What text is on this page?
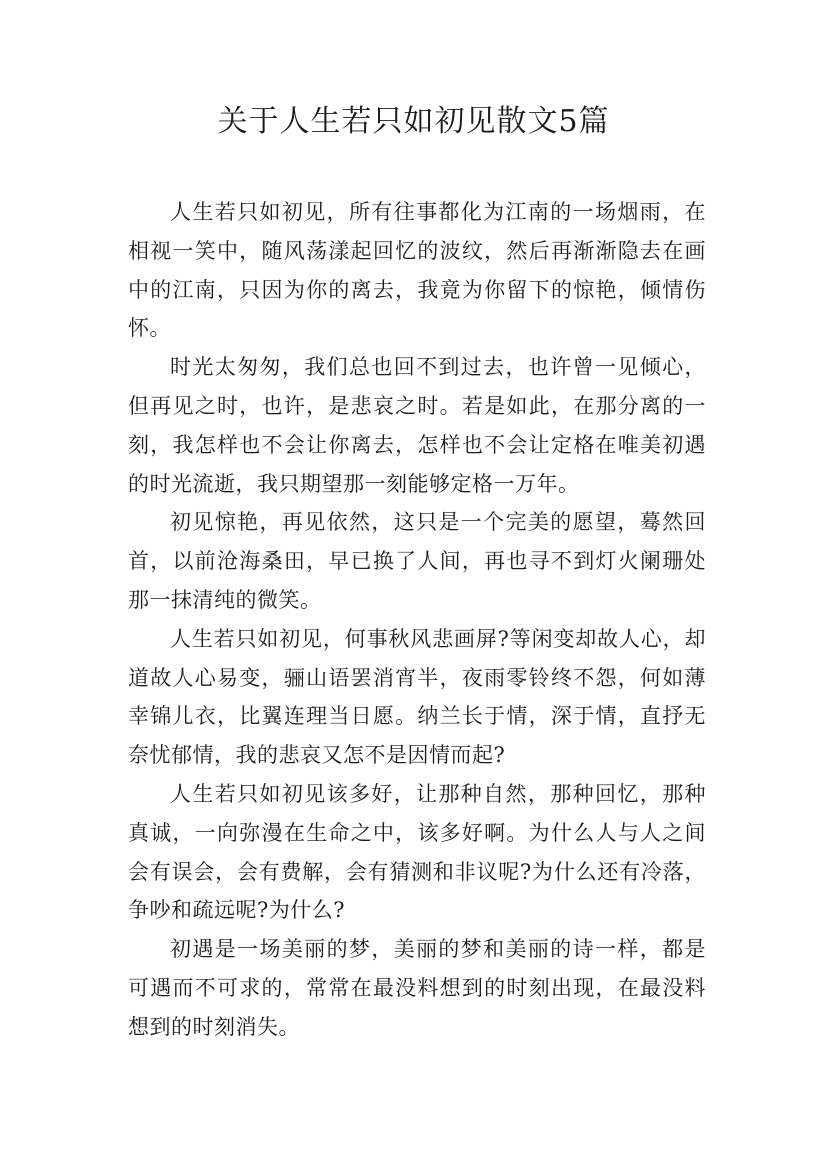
关于人生若只如初见散文5篇

人生若只如初见，所有往事都化为江南的一场烟雨，在相视一笑中，随风荡漾起回忆的波纹，然后再渐渐隐去在画中的江南，只因为你的离去，我竟为你留下的惊艳，倾情伤怀。

时光太匆匆，我们总也回不到过去，也许曾一见倾心，但再见之时，也许，是悲哀之时。若是如此，在那分离的一刻，我怎样也不会让你离去，怎样也不会让定格在唯美初遇的时光流逝，我只期望那一刻能够定格一万年。

初见惊艳，再见依然，这只是一个完美的愿望，蓦然回首，以前沧海桑田，早已换了人间，再也寻不到灯火阑珊处那一抹清纯的微笑。

人生若只如初见，何事秋风悲画屏?等闲变却故人心，却道故人心易变，骊山语罢消宵半，夜雨零铃终不怨，何如薄幸锦儿衣，比翼连理当日愿。纳兰长于情，深于情，直抒无奈忧郁情，我的悲哀又怎不是因情而起?

人生若只如初见该多好，让那种自然，那种回忆，那种真诚，一向弥漫在生命之中，该多好啊。为什么人与人之间会有误会，会有费解，会有猜测和非议呢?为什么还有冷落，争吵和疏远呢?为什么?

初遇是一场美丽的梦，美丽的梦和美丽的诗一样，都是可遇而不可求的，常常在最没料想到的时刻出现，在最没料想到的时刻消失。
